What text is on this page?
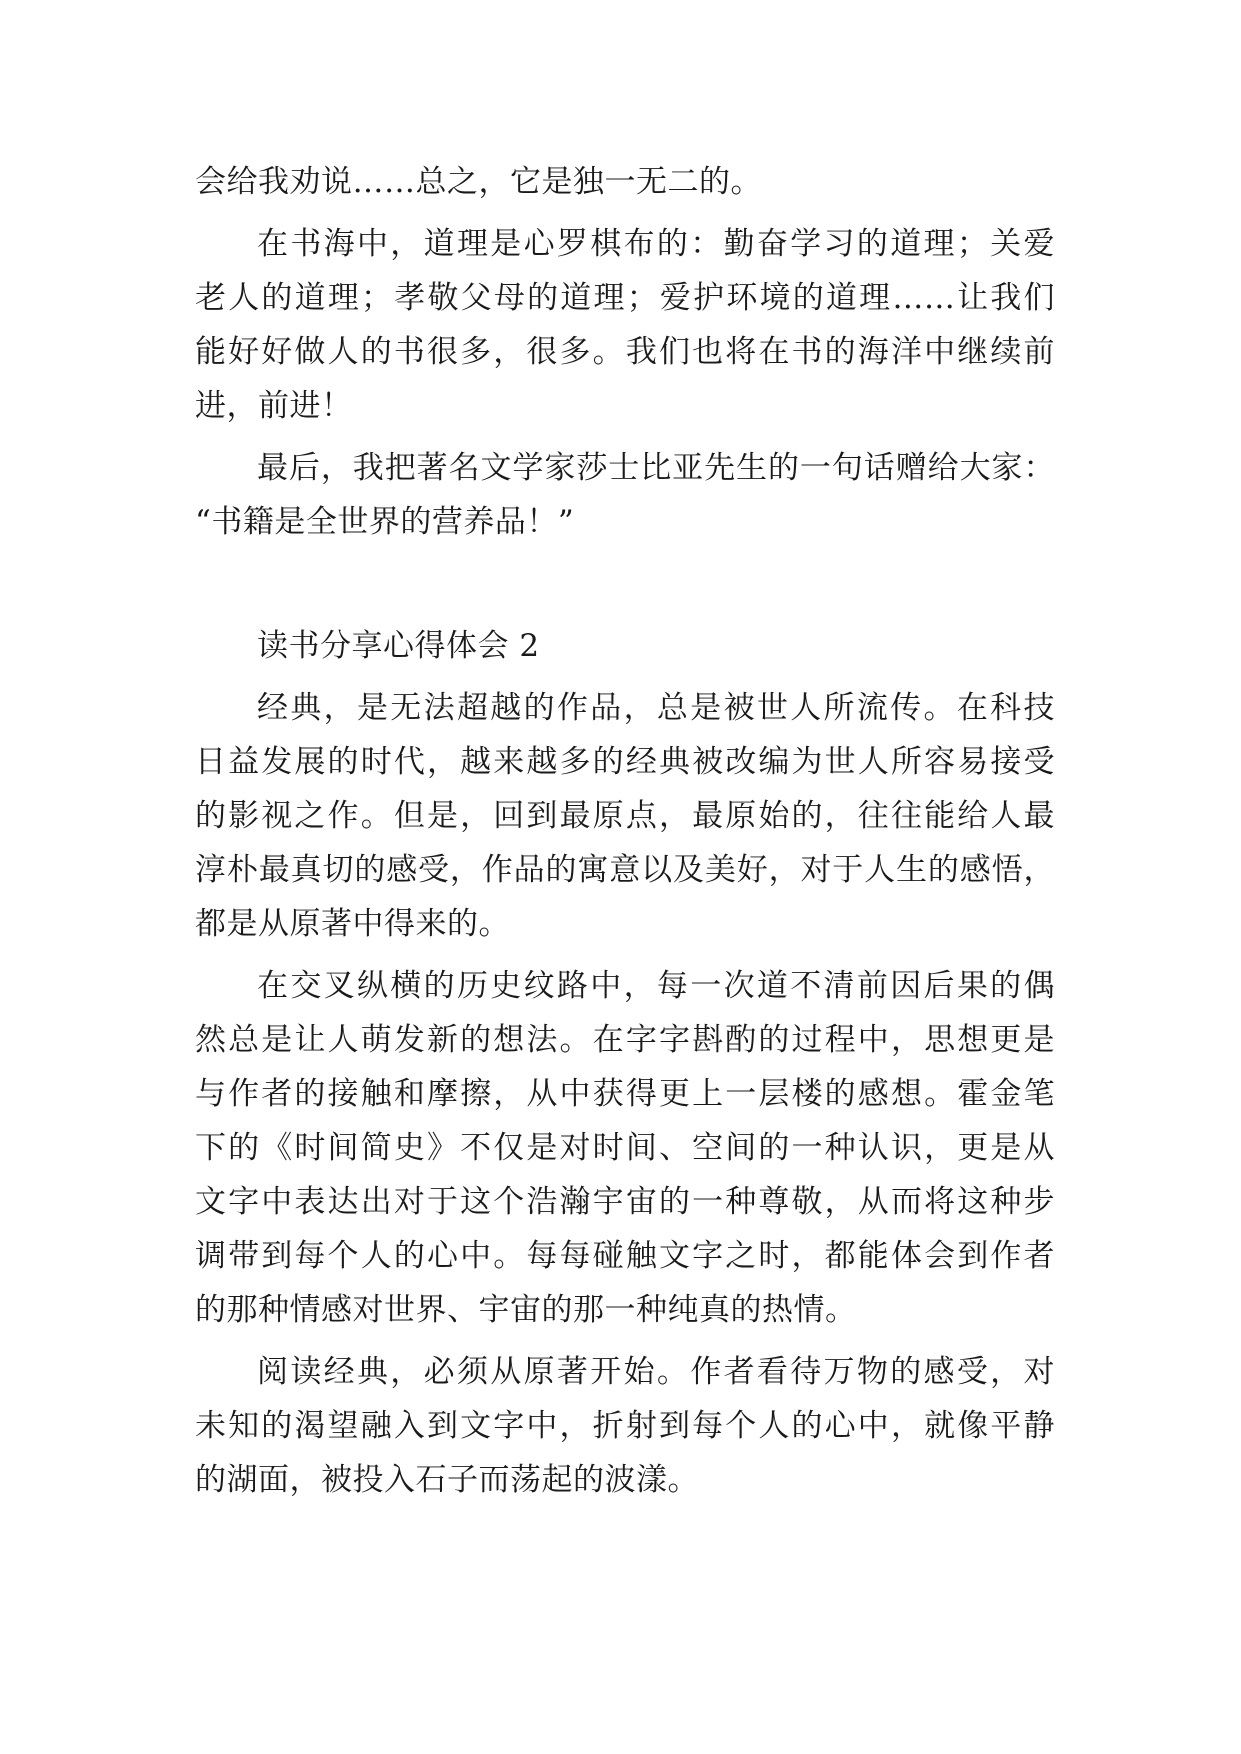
会给我劝说……总之，它是独一无二的。
在书海中，道理是心罗棋布的：勤奋学习的道理；关爱
老人的道理；孝敬父母的道理；爱护环境的道理……让我们
能好好做人的书很多，很多。我们也将在书的海洋中继续前
进，前进！
最后，我把著名文学家莎士比亚先生的一句话赠给大家：
“书籍是全世界的营养品！”
读书分享心得体会 2
经典，是无法超越的作品，总是被世人所流传。在科技
日益发展的时代，越来越多的经典被改编为世人所容易接受
的影视之作。但是，回到最原点，最原始的，往往能给人最
淳朴最真切的感受，作品的寓意以及美好，对于人生的感悟，
都是从原著中得来的。
在交叉纵横的历史纹路中，每一次道不清前因后果的偶
然总是让人萌发新的想法。在字字斟酌的过程中，思想更是
与作者的接触和摩擦，从中获得更上一层楼的感想。霍金笔
下的《时间简史》不仅是对时间、空间的一种认识，更是从
文字中表达出对于这个浩瀚宇宙的一种尊敬，从而将这种步
调带到每个人的心中。每每碰触文字之时，都能体会到作者
的那种情感对世界、宇宙的那一种纯真的热情。
阅读经典，必须从原著开始。作者看待万物的感受，对
未知的渴望融入到文字中，折射到每个人的心中，就像平静
的湖面，被投入石子而荡起的波漾。
